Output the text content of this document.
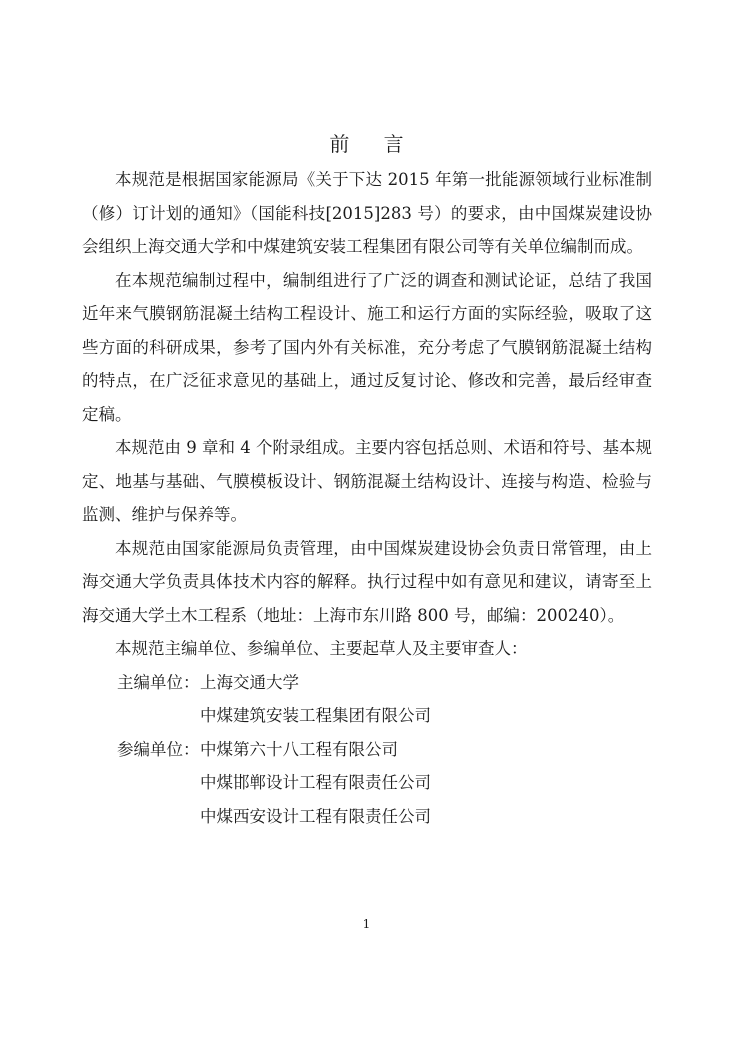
前 言

本规范是根据国家能源局《关于下达 2015 年第一批能源领域行业标准制（修）订计划的通知》（国能科技[2015]283 号）的要求，由中国煤炭建设协会组织上海交通大学和中煤建筑安装工程集团有限公司等有关单位编制而成。

在本规范编制过程中，编制组进行了广泛的调查和测试论证，总结了我国近年来气膜钢筋混凝土结构工程设计、施工和运行方面的实际经验，吸取了这些方面的科研成果，参考了国内外有关标准，充分考虑了气膜钢筋混凝土结构的特点，在广泛征求意见的基础上，通过反复讨论、修改和完善，最后经审查定稿。

本规范由 9 章和 4 个附录组成。主要内容包括总则、术语和符号、基本规定、地基与基础、气膜模板设计、钢筋混凝土结构设计、连接与构造、检验与监测、维护与保养等。

本规范由国家能源局负责管理，由中国煤炭建设协会负责日常管理，由上海交通大学负责具体技术内容的解释。执行过程中如有意见和建议，请寄至上海交通大学土木工程系（地址：上海市东川路 800 号，邮编：200240）。

本规范主编单位、参编单位、主要起草人及主要审查人：

主编单位：上海交通大学

中煤建筑安装工程集团有限公司

参编单位：中煤第六十八工程有限公司

中煤邯郸设计工程有限责任公司

中煤西安设计工程有限责任公司

1
